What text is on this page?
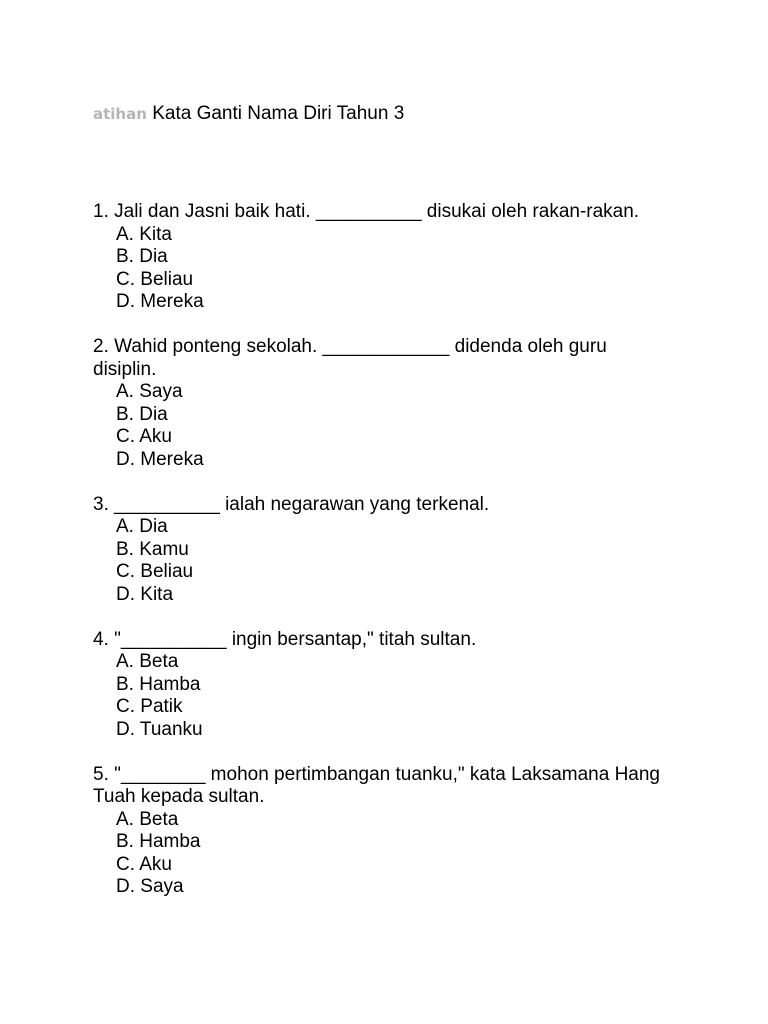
atihan Kata Ganti Nama Diri Tahun 3

1. Jali dan Jasni baik hati. __________ disukai oleh rakan-rakan.

A. Kita
B. Dia
C. Beliau
D. Mereka

2. Wahid ponteng sekolah. ____________ didenda oleh guru disiplin.

A. Saya
B. Dia
C. Aku
D. Mereka

3. __________ ialah negarawan yang terkenal.

A. Dia
B. Kamu
C. Beliau
D. Kita

4. "__________ ingin bersantap," titah sultan.

A. Beta
B. Hamba
C. Patik
D. Tuanku

5. "________ mohon pertimbangan tuanku," kata Laksamana Hang Tuah kepada sultan.

A. Beta
B. Hamba
C. Aku
D. Saya
